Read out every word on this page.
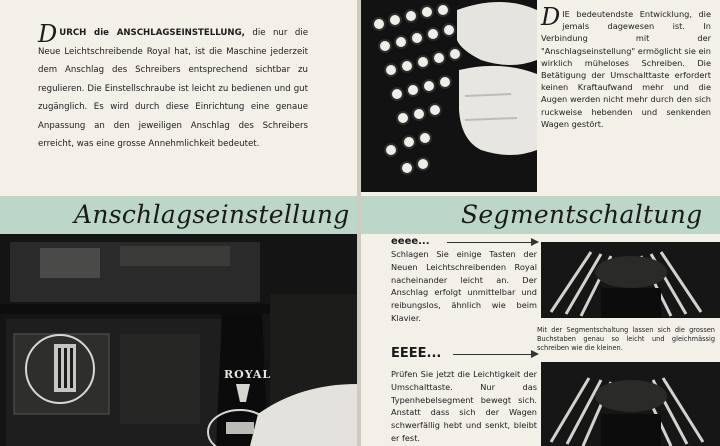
DURCH die ANSCHLAGSEINSTELLUNG, die nur die Neue Leichtschreibende Royal hat, ist die Maschine jederzeit dem Anschlag des Schreibers entsprechend sichtbar zu regulieren. Die Einstellschraube ist leicht zu bedienen und gut zugänglich. Es wird durch diese Einrichtung eine genaue Anpassung an den jeweiligen Anschlag des Schreibers erreicht, was eine grosse Annehmlichkeit bedeutet.
Anschlagseinstellung
ROYAL
DIE bedeutendste Entwicklung, die jemals dagewesen ist. In Verbindung mit der "Anschlagseinstellung" ermöglicht sie ein wirklich müheloses Schreiben. Die Betätigung der Umschalttaste erfordert keinen Kraftaufwand mehr und die Augen werden nicht mehr durch den sich ruckweise hebenden und senkenden Wagen gestört.
Segmentschaltung
eeee...
Schlagen Sie einige Tasten der Neuen Leichtschreibenden Royal nacheinander leicht an. Der Anschlag erfolgt unmittelbar und reibungslos, ähnlich wie beim Klavier.
Mit der Segmentschaltung lassen sich die grossen Buchstaben genau so leicht und gleichmässig schreiben wie die kleinen.
EEEE...
Prüfen Sie jetzt die Leichtigkeit der Umschalttaste. Nur das Typenhebelsegment bewegt sich. Anstatt dass sich der Wagen schwerfällig hebt und senkt, bleibt er fest.
